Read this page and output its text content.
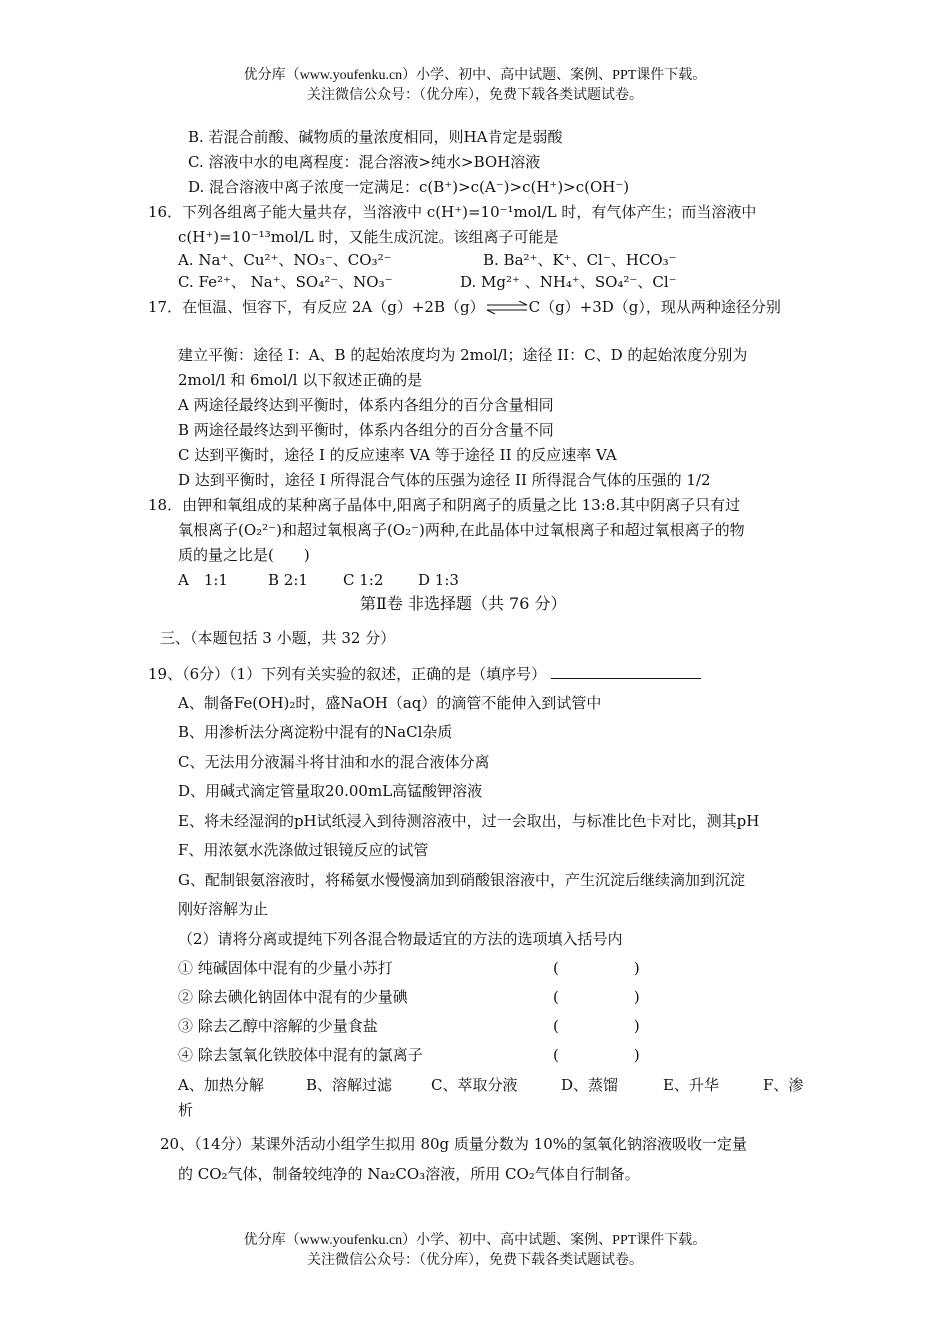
优分库（www.youfenku.cn）小学、初中、高中试题、案例、PPT课件下载。
关注微信公众号：（优分库），免费下载各类试题试卷。
B. 若混合前酸、碱物质的量浓度相同，则HA肯定是弱酸
C. 溶液中水的电离程度：混合溶液>纯水>BOH溶液
D. 混合溶液中离子浓度一定满足：c(B⁺)>c(A⁻)>c(H⁺)>c(OH⁻)
16．下列各组离子能大量共存，当溶液中 c(H⁺)=10⁻¹mol/L 时，有气体产生；而当溶液中
c(H⁺)=10⁻¹³mol/L 时，又能生成沉淀。该组离子可能是
A. Na⁺、Cu²⁺、NO₃⁻、CO₃²⁻	B. Ba²⁺、K⁺、Cl⁻、HCO₃⁻
C. Fe²⁺、 Na⁺、SO₄²⁻、NO₃⁻	D. Mg²⁺ 、NH₄⁺、SO₄²⁻、Cl⁻
17．在恒温、恒容下，有反应 2A（g）+2B（g）⇌C（g）+3D（g），现从两种途径分别
建立平衡：途径 I：A、B 的起始浓度均为 2mol/l；途径 II：C、D 的起始浓度分别为
2mol/l 和 6mol/l 以下叙述正确的是
A 两途径最终达到平衡时，体系内各组分的百分含量相同
B 两途径最终达到平衡时，体系内各组分的百分含量不同
C 达到平衡时，途径 I 的反应速率 VA 等于途径 II 的反应速率 VA
D 达到平衡时，途径 I 所得混合气体的压强为途径 II 所得混合气体的压强的 1/2
18．由钾和氧组成的某种离子晶体中,阳离子和阴离子的质量之比 13:8.其中阴离子只有过
氧根离子(O₂²⁻)和超过氧根离子(O₂⁻)两种,在此晶体中过氧根离子和超过氧根离子的物
质的量之比是(　　)
A　1:1	B 2:1 C 1:2 D 1:3
第Ⅱ卷 非选择题（共 76 分）
三、（本题包括 3 小题，共 32 分）
19、（6分）（1）下列有关实验的叙述，正确的是（填序号）
A、制备Fe(OH)₂时，盛NaOH（aq）的滴管不能伸入到试管中
B、用渗析法分离淀粉中混有的NaCl杂质
C、无法用分液漏斗将甘油和水的混合液体分离
D、用碱式滴定管量取20.00mL高锰酸钾溶液
E、将未经湿润的pH试纸浸入到待测溶液中，过一会取出，与标准比色卡对比，测其pH
F、用浓氨水洗涤做过银镜反应的试管
G、配制银氨溶液时，将稀氨水慢慢滴加到硝酸银溶液中，产生沉淀后继续滴加到沉淀
刚好溶解为止
（2）请将分离或提纯下列各混合物最适宜的方法的选项填入括号内
① 纯碱固体中混有的少量小苏打	(　　　　　)
② 除去碘化钠固体中混有的少量碘	(　　　　　)
③ 除去乙醇中溶解的少量食盐	(　　　　　)
④ 除去氢氧化铁胶体中混有的氯离子	(　　　　　)
A、加热分解	B、溶解过滤	C、萃取分液	D、蒸馏	E、升华	F、渗
析
20、（14分）某课外活动小组学生拟用 80g 质量分数为 10%的氢氧化钠溶液吸收一定量
的 CO₂气体，制备较纯净的 Na₂CO₃溶液，所用 CO₂气体自行制备。
优分库（www.youfenku.cn）小学、初中、高中试题、案例、PPT课件下载。
关注微信公众号：（优分库），免费下载各类试题试卷。
